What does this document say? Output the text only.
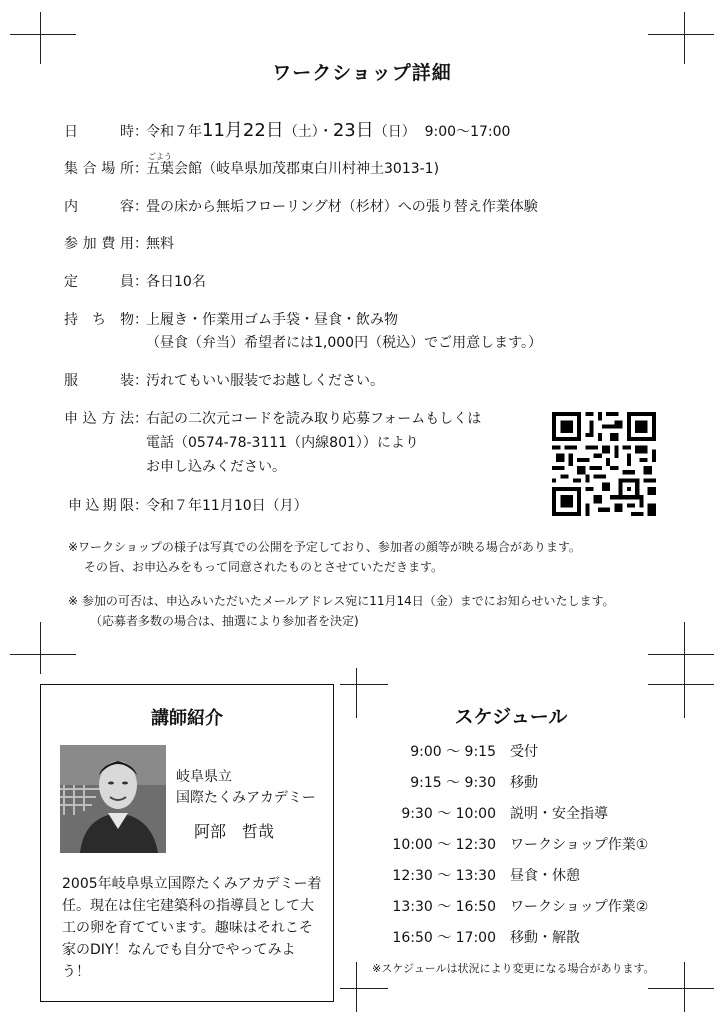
ワークショップ詳細
日　　時：令和７年11月22日（土）・23日（日） 9:00～17:00
集合場所：
ごよう
五葉会館（岐阜県加茂郡東白川村神土3013-1)
内　　容：畳の床から無垢フローリング材（杉材）への張り替え作業体験
参加費用：無料
定　　員：各日10名
持 ち 物：上履き・作業用ゴム手袋・昼食・飲み物
（昼食（弁当）希望者には1,000円（税込）でご用意します。）
服　　装：汚れてもいい服装でお越しください。
申込方法：右記の二次元コードを読み取り応募フォームもしくは
電話（0574-78-3111（内線801））により
お申し込みください。
申込期限：令和７年11月10日（月）
※ワークショップの様子は写真での公開を予定しており、参加者の顔等が映る場合があります。
その旨、お申込みをもって同意されたものとさせていただきます。
※ 参加の可否は、申込みいただいたメールアドレス宛に11月14日（金）までにお知らせいたします。
（応募者多数の場合は、抽選により参加者を決定)
講師紹介
岐阜県立
国際たくみアカデミー
阿部　哲哉
2005年岐阜県立国際たくみアカデミー着任。現在は住宅建築科の指導員として大工の卵を育てています。趣味はそれこそ家のDIY！なんでも自分でやってみよう！
スケジュール
9:00 ～ 9:15 受付
9:15 ～ 9:30 移動
9:30 ～ 10:00 説明・安全指導
10:00 ～ 12:30 ワークショップ作業①
12:30 ～ 13:30 昼食・休憩
13:30 ～ 16:50 ワークショップ作業②
16:50 ～ 17:00 移動・解散
※スケジュールは状況により変更になる場合があります。
